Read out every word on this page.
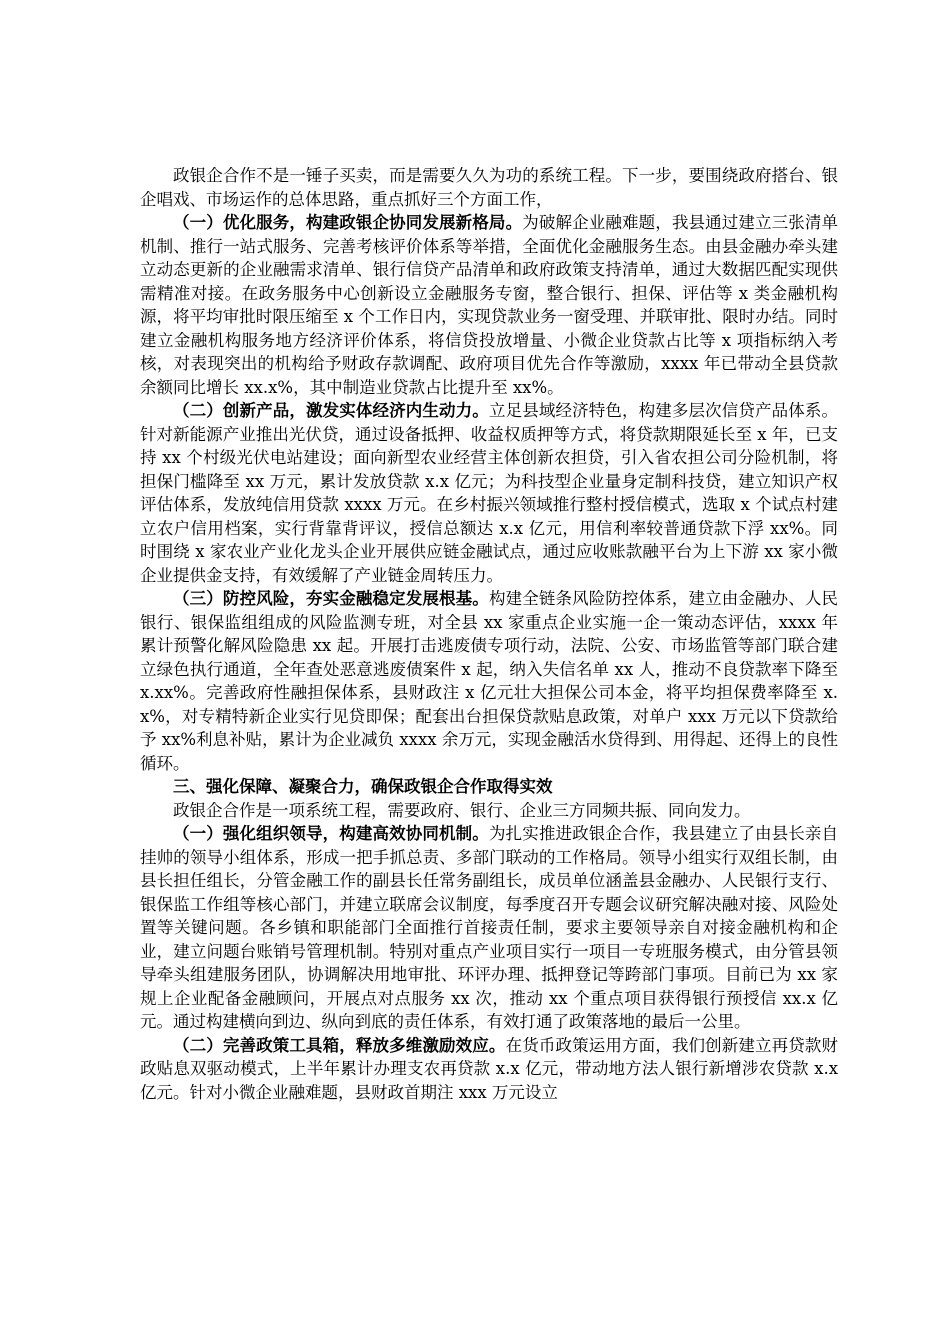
政银企合作不是一锤子买卖，而是需要久久为功的系统工程。下一步，要围绕政府搭台、银企唱戏、市场运作的总体思路，重点抓好三个方面工作，

（一）优化服务，构建政银企协同发展新格局。为破解企业融难题，我县通过建立三张清单机制、推行一站式服务、完善考核评价体系等举措，全面优化金融服务生态。由县金融办牵头建立动态更新的企业融需求清单、银行信贷产品清单和政府政策支持清单，通过大数据匹配实现供需精准对接。在政务服务中心创新设立金融服务专窗，整合银行、担保、评估等 x 类金融机构源，将平均审批时限压缩至 x 个工作日内，实现贷款业务一窗受理、并联审批、限时办结。同时建立金融机构服务地方经济评价体系，将信贷投放增量、小微企业贷款占比等 x 项指标纳入考核，对表现突出的机构给予财政存款调配、政府项目优先合作等激励，xxxx 年已带动全县贷款余额同比增长 xx.x%，其中制造业贷款占比提升至 xx%。

（二）创新产品，激发实体经济内生动力。立足县域经济特色，构建多层次信贷产品体系。针对新能源产业推出光伏贷，通过设备抵押、收益权质押等方式，将贷款期限延长至 x 年，已支持 xx 个村级光伏电站建设；面向新型农业经营主体创新农担贷，引入省农担公司分险机制，将担保门槛降至 xx 万元，累计发放贷款 x.x 亿元；为科技型企业量身定制科技贷，建立知识产权评估体系，发放纯信用贷款 xxxx 万元。在乡村振兴领域推行整村授信模式，选取 x 个试点村建立农户信用档案，实行背靠背评议，授信总额达 x.x 亿元，用信利率较普通贷款下浮 xx%。同时围绕 x 家农业产业化龙头企业开展供应链金融试点，通过应收账款融平台为上下游 xx 家小微企业提供金支持，有效缓解了产业链金周转压力。

（三）防控风险，夯实金融稳定发展根基。构建全链条风险防控体系，建立由金融办、人民银行、银保监组组成的风险监测专班，对全县 xx 家重点企业实施一企一策动态评估，xxxx 年累计预警化解风险隐患 xx 起。开展打击逃废债专项行动，法院、公安、市场监管等部门联合建立绿色执行通道，全年查处恶意逃废债案件 x 起，纳入失信名单 xx 人，推动不良贷款率下降至 x.xx%。完善政府性融担保体系，县财政注 x 亿元壮大担保公司本金，将平均担保费率降至 x.x%，对专精特新企业实行见贷即保；配套出台担保贷款贴息政策，对单户 xxx 万元以下贷款给予 xx%利息补贴，累计为企业减负 xxxx 余万元，实现金融活水贷得到、用得起、还得上的良性循环。

三、强化保障、凝聚合力，确保政银企合作取得实效

政银企合作是一项系统工程，需要政府、银行、企业三方同频共振、同向发力。

（一）强化组织领导，构建高效协同机制。为扎实推进政银企合作，我县建立了由县长亲自挂帅的领导小组体系，形成一把手抓总责、多部门联动的工作格局。领导小组实行双组长制，由县长担任组长，分管金融工作的副县长任常务副组长，成员单位涵盖县金融办、人民银行支行、银保监工作组等核心部门，并建立联席会议制度，每季度召开专题会议研究解决融对接、风险处置等关键问题。各乡镇和职能部门全面推行首接责任制，要求主要领导亲自对接金融机构和企业，建立问题台账销号管理机制。特别对重点产业项目实行一项目一专班服务模式，由分管县领导牵头组建服务团队，协调解决用地审批、环评办理、抵押登记等跨部门事项。目前已为 xx 家规上企业配备金融顾问，开展点对点服务 xx 次，推动 xx 个重点项目获得银行预授信 xx.x 亿元。通过构建横向到边、纵向到底的责任体系，有效打通了政策落地的最后一公里。

（二）完善政策工具箱，释放多维激励效应。在货币政策运用方面，我们创新建立再贷款财政贴息双驱动模式，上半年累计办理支农再贷款 x.x 亿元，带动地方法人银行新增涉农贷款 x.x 亿元。针对小微企业融难题，县财政首期注 xxx 万元设立
